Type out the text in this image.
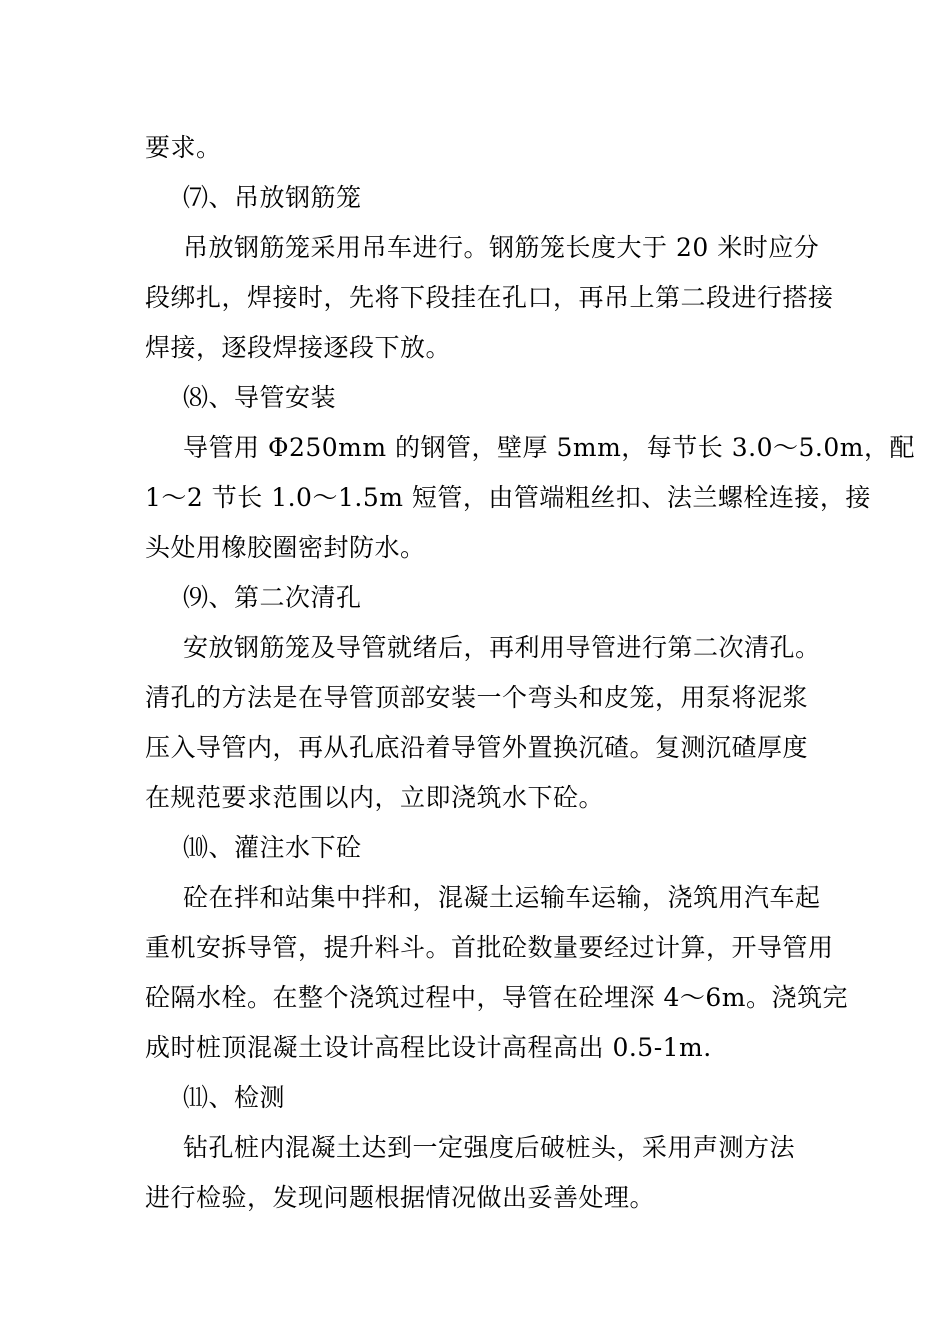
要求。
⑺、吊放钢筋笼
吊放钢筋笼采用吊车进行。钢筋笼长度大于 20 米时应分
段绑扎，焊接时，先将下段挂在孔口，再吊上第二段进行搭接
焊接，逐段焊接逐段下放。
⑻、导管安装
导管用 Φ250mm 的钢管，壁厚 5mm，每节长 3.0～5.0m，配
1～2 节长 1.0～1.5m 短管，由管端粗丝扣、法兰螺栓连接，接
头处用橡胶圈密封防水。
⑼、第二次清孔
安放钢筋笼及导管就绪后，再利用导管进行第二次清孔。
清孔的方法是在导管顶部安装一个弯头和皮笼，用泵将泥浆
压入导管内，再从孔底沿着导管外置换沉碴。复测沉碴厚度
在规范要求范围以内，立即浇筑水下砼。
⑽、灌注水下砼
砼在拌和站集中拌和，混凝土运输车运输，浇筑用汽车起
重机安拆导管，提升料斗。首批砼数量要经过计算，开导管用
砼隔水栓。在整个浇筑过程中，导管在砼埋深 4～6m。浇筑完
成时桩顶混凝土设计高程比设计高程高出 0.5-1m.
⑾、检测
钻孔桩内混凝土达到一定强度后破桩头，采用声测方法
进行检验，发现问题根据情况做出妥善处理。
